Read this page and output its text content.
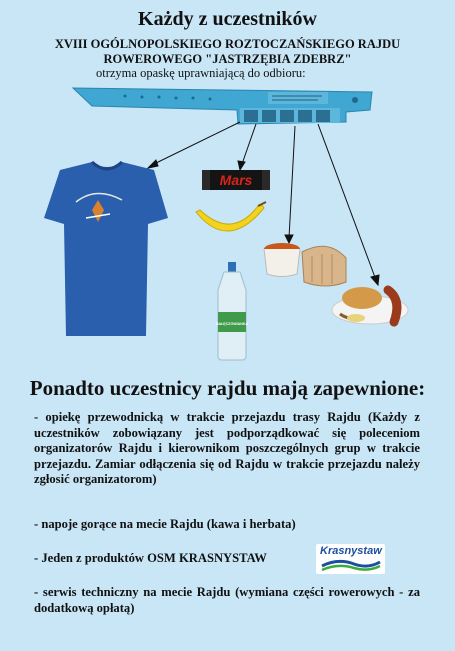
Każdy z uczestników
XVIII OGÓLNOPOLSKIEGO ROZTOCZAŃSKIEGO RAJDU
ROWEROWEGO "JASTRZĘBIA ZDEBRZ"
otrzyma opaskę uprawniającą do odbioru:
Mars
NAŁĘCZOWIANKA
Ponadto uczestnicy rajdu mają zapewnione:
- opiekę przewodnicką w trakcie przejazdu trasy Rajdu (Każdy z uczestników zobowiązany jest podporządkować się poleceniom organizatorów Rajdu i kierownikom poszczególnych grup w trakcie przejazdu. Zamiar odłączenia się od Rajdu w trakcie przejazdu należy zgłosić organizatorom)
- napoje gorące na mecie Rajdu (kawa i herbata)
- Jeden z produktów OSM KRASNYSTAW
- serwis techniczny na mecie Rajdu (wymiana części rowerowych - za dodatkową opłatą)
Krasnystaw
